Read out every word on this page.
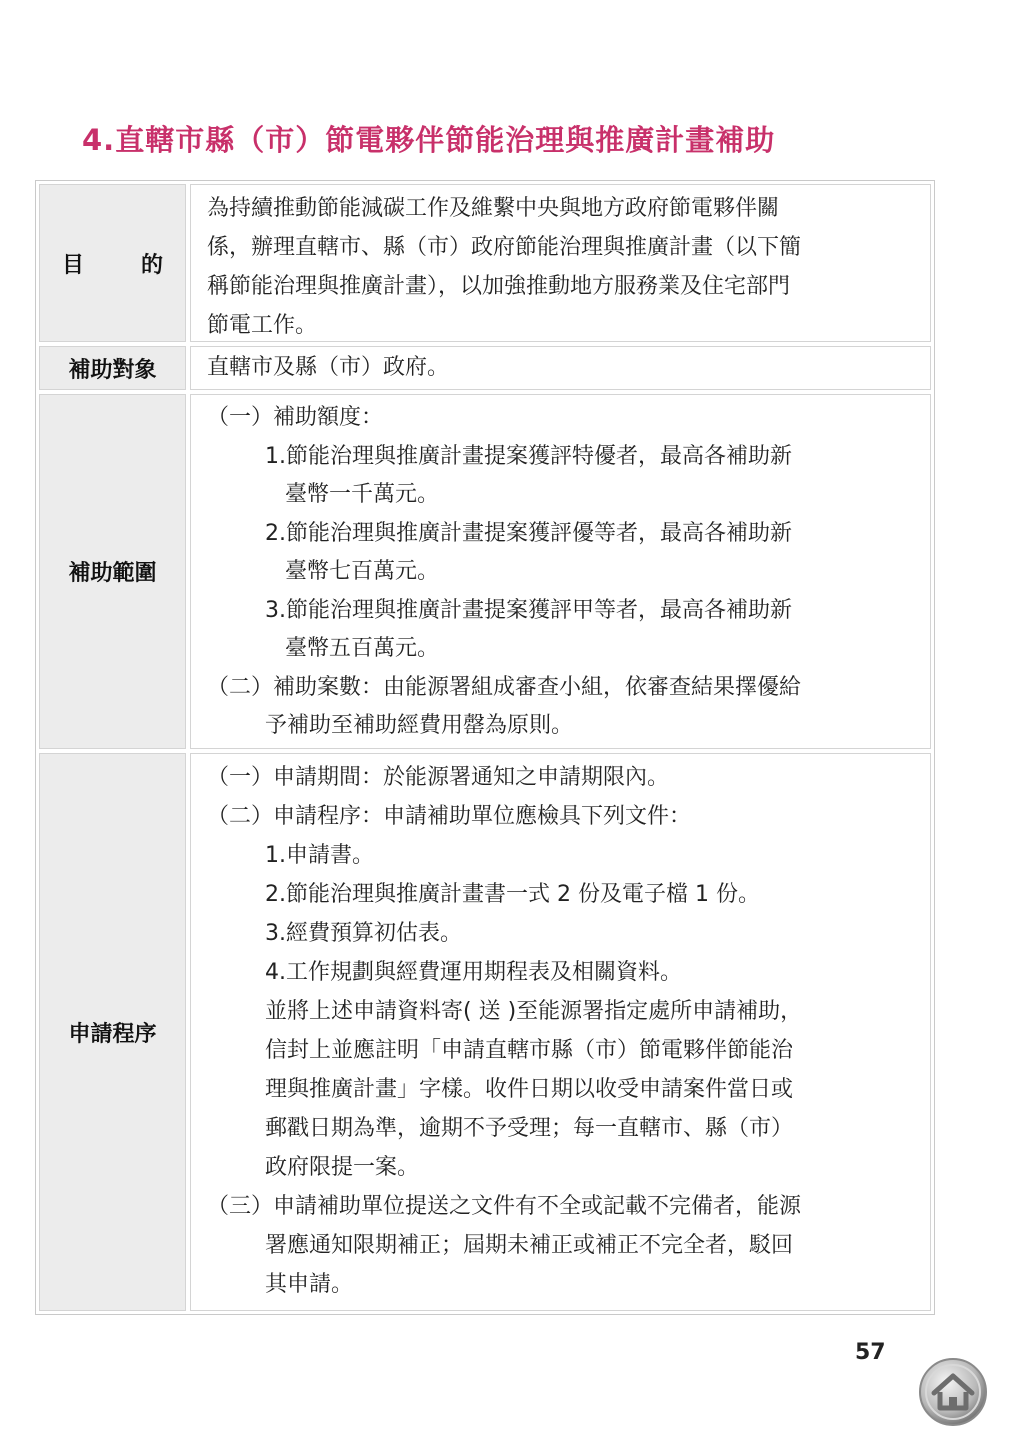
4.直轄市縣（市）節電夥伴節能治理與推廣計畫補助
目	的
為持續推動節能減碳工作及維繫中央與地方政府節電夥伴關
係，辦理直轄市、縣（市）政府節能治理與推廣計畫（以下簡
稱節能治理與推廣計畫），以加強推動地方服務業及住宅部門
節電工作。
補助對象	直轄市及縣（市）政府。
補助範圍
（一）補助額度：
1.節能治理與推廣計畫提案獲評特優者，最高各補助新
臺幣一千萬元。
2.節能治理與推廣計畫提案獲評優等者，最高各補助新
臺幣七百萬元。
3.節能治理與推廣計畫提案獲評甲等者，最高各補助新
臺幣五百萬元。
（二）補助案數：由能源署組成審查小組，依審查結果擇優給
予補助至補助經費用罄為原則。
申請程序
（一）申請期間：於能源署通知之申請期限內。
（二）申請程序：申請補助單位應檢具下列文件：
1.申請書。
2.節能治理與推廣計畫書一式 2 份及電子檔 1 份。
3.經費預算初估表。
4.工作規劃與經費運用期程表及相關資料。
並將上述申請資料寄( 送 )至能源署指定處所申請補助，
信封上並應註明「申請直轄市縣（市）節電夥伴節能治
理與推廣計畫」字樣。收件日期以收受申請案件當日或
郵戳日期為準，逾期不予受理；每一直轄市、縣（市）
政府限提一案。
（三）申請補助單位提送之文件有不全或記載不完備者，能源
署應通知限期補正；屆期未補正或補正不完全者，駁回
其申請。
57
